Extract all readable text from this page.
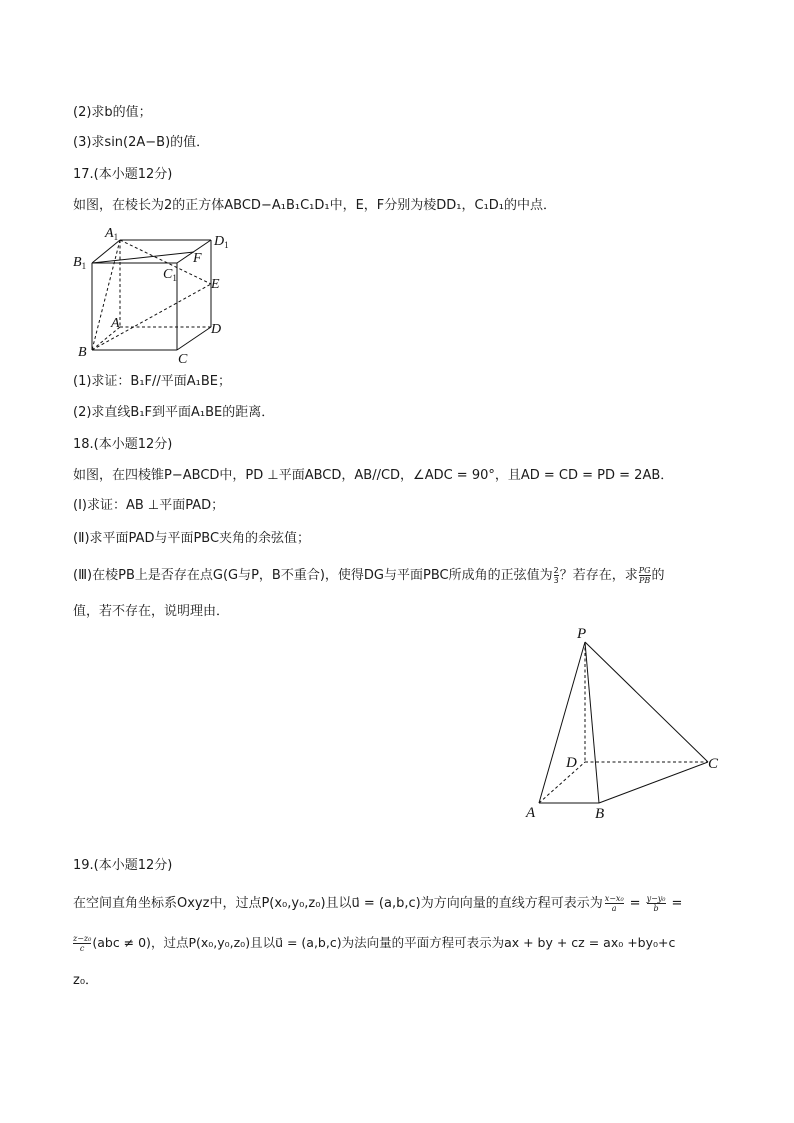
(2)求b的值；
(3)求sin(2A−B)的值．
17.(本小题12分)
如图，在棱长为2的正方体ABCD−A₁B₁C₁D₁中，E，F分别为棱DD₁，C₁D₁的中点．
$A_1$	$D_1$
$B_1$
$C_1$
F
E
A	D
B	C
(1)求证：B₁F//平面A₁BE；
(2)求直线B₁F到平面A₁BE的距离．
18.(本小题12分)
如图，在四棱锥P−ABCD中，PD ⊥平面ABCD，AB//CD，∠ADC = 90°，且AD = CD = PD = 2AB．
(Ⅰ)求证：AB ⊥平面PAD；
(Ⅱ)求平面PAD与平面PBC夹角的余弦值；
(Ⅲ)在棱PB上是否存在点G(G与P，B不重合)，使得DG与平面PBC所成角的正弦值为 $\frac{2}{3}$ ？若存在，求 $\frac{PG}{PB}$ 的
值，若不存在，说明理由．
P
D	C
A	B
19.(本小题12分)
在空间直角坐标系Oxyz中，过点P(x₀,y₀,z₀)且以u⃗ = (a,b,c)为方向向量的直线方程可表示为 $\frac{\text{x−x₀}}{a} = \frac{\text{y−y₀}}{b}$ =
$\frac{\text{z−z₀}}{c} (abc \ne 0)$，过点P(x₀,y₀,z₀)且以u⃗ = (a,b,c)为法向量的平面方程可表示为ax + by + cz = ax₀ +by₀+c
z₀．
